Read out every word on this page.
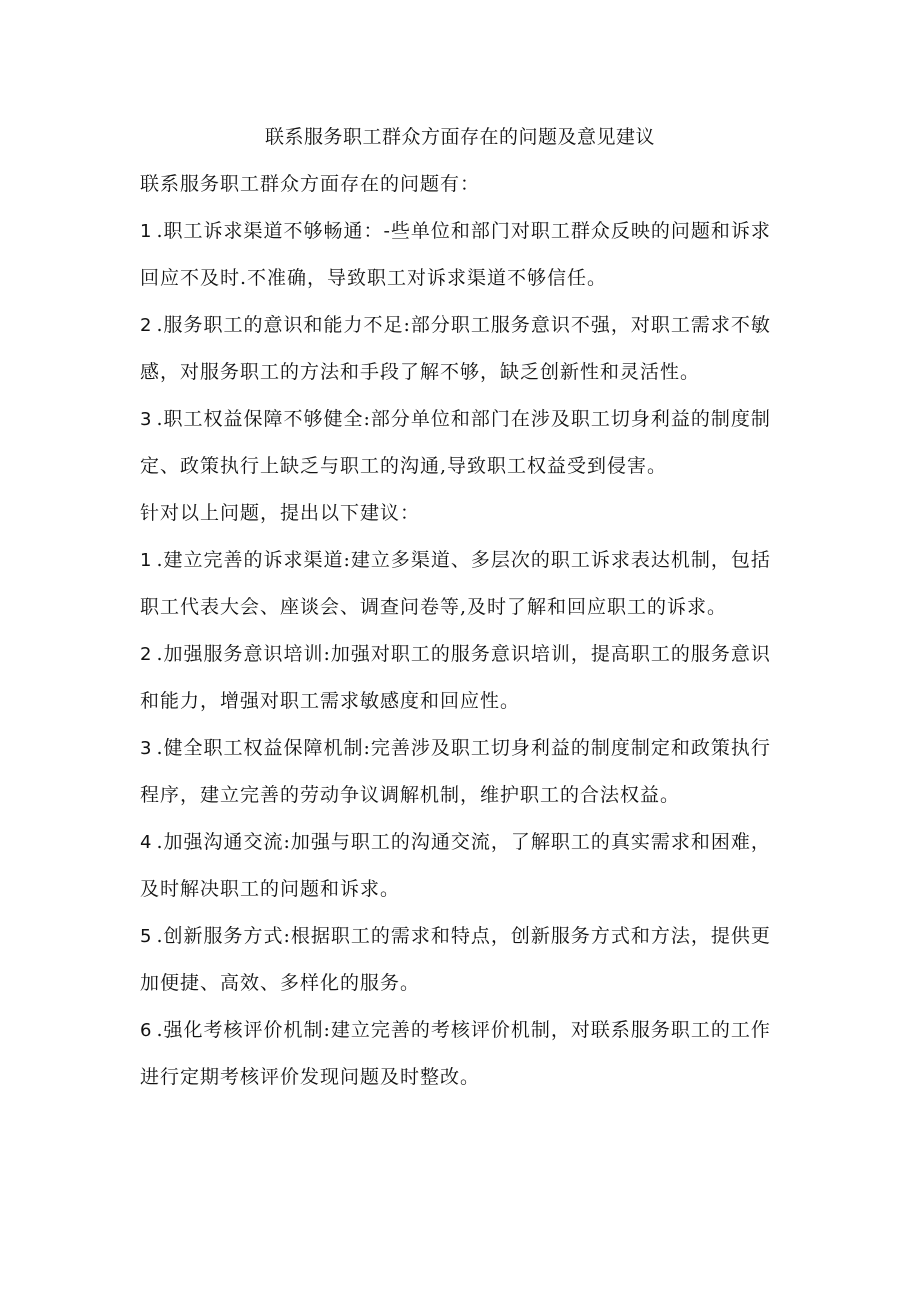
联系服务职工群众方面存在的问题及意见建议
联系服务职工群众方面存在的问题有：
1 .职工诉求渠道不够畅通：-些单位和部门对职工群众反映的问题和诉求
回应不及时.不准确，导致职工对诉求渠道不够信任。
2 .服务职工的意识和能力不足:部分职工服务意识不强，对职工需求不敏
感，对服务职工的方法和手段了解不够，缺乏创新性和灵活性。
3 .职工权益保障不够健全:部分单位和部门在涉及职工切身利益的制度制
定、政策执行上缺乏与职工的沟通,导致职工权益受到侵害。
针对以上问题，提出以下建议：
1 .建立完善的诉求渠道:建立多渠道、多层次的职工诉求表达机制，包括
职工代表大会、座谈会、调查问卷等,及时了解和回应职工的诉求。
2 .加强服务意识培训:加强对职工的服务意识培训，提高职工的服务意识
和能力，增强对职工需求敏感度和回应性。
3 .健全职工权益保障机制:完善涉及职工切身利益的制度制定和政策执行
程序，建立完善的劳动争议调解机制，维护职工的合法权益。
4 .加强沟通交流:加强与职工的沟通交流，了解职工的真实需求和困难，
及时解决职工的问题和诉求。
5 .创新服务方式:根据职工的需求和特点，创新服务方式和方法，提供更
加便捷、高效、多样化的服务。
6 .强化考核评价机制:建立完善的考核评价机制，对联系服务职工的工作
进行定期考核评价发现问题及时整改。
